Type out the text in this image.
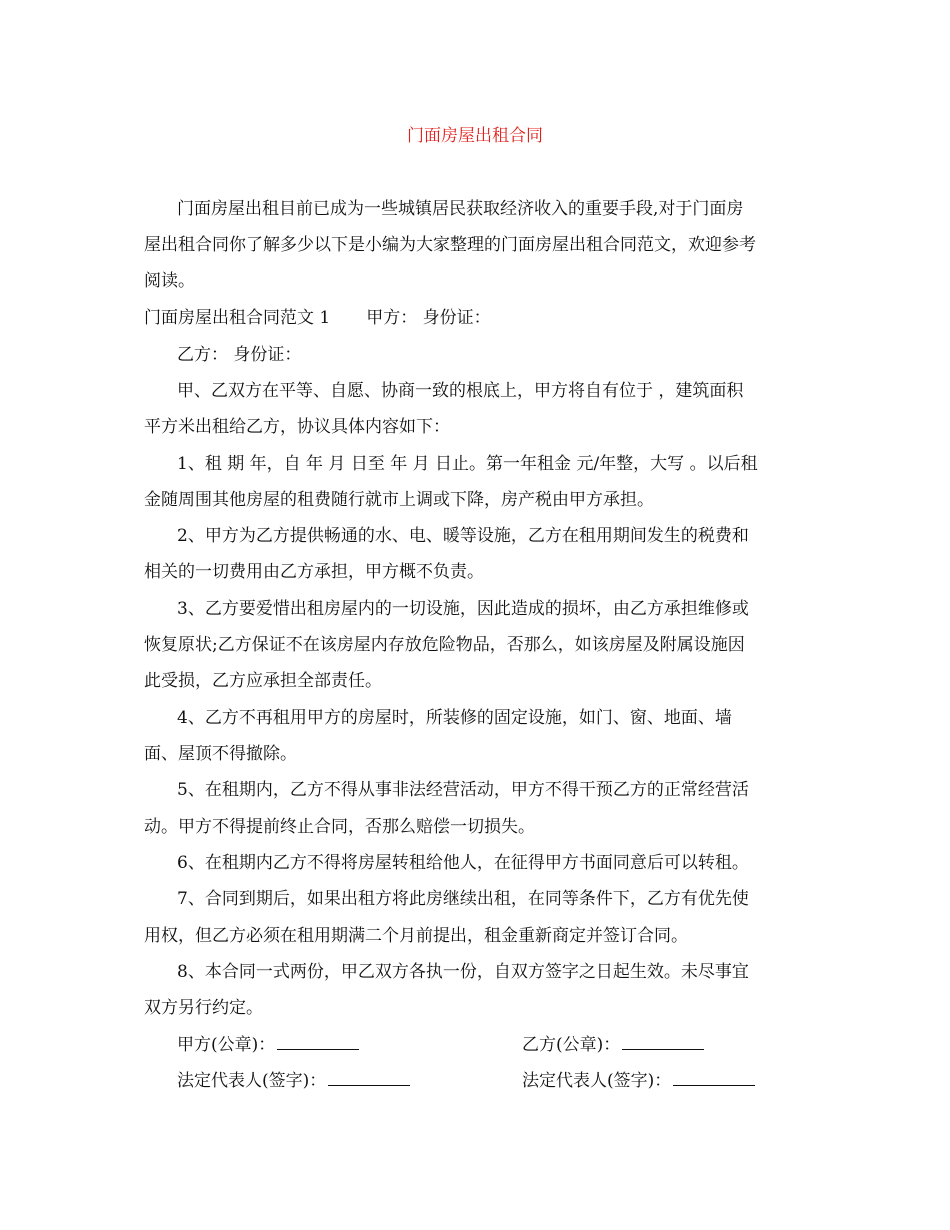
门面房屋出租合同
门面房屋出租目前已成为一些城镇居民获取经济收入的重要手段,对于门面房
屋出租合同你了解多少以下是小编为大家整理的门面房屋出租合同范文，欢迎参考
阅读。
门面房屋出租合同范文 1 甲方： 身份证：
乙方： 身份证：
甲、乙双方在平等、自愿、协商一致的根底上，甲方将自有位于 ，建筑面积
平方米出租给乙方，协议具体内容如下：
1、租 期 年，自 年 月 日至 年 月 日止。第一年租金 元/年整，大写 。以后租
金随周围其他房屋的租费随行就市上调或下降，房产税由甲方承担。
2、甲方为乙方提供畅通的水、电、暖等设施，乙方在租用期间发生的税费和
相关的一切费用由乙方承担，甲方概不负责。
3、乙方要爱惜出租房屋内的一切设施，因此造成的损坏，由乙方承担维修或
恢复原状;乙方保证不在该房屋内存放危险物品，否那么，如该房屋及附属设施因
此受损，乙方应承担全部责任。
4、乙方不再租用甲方的房屋时，所装修的固定设施，如门、窗、地面、墙
面、屋顶不得撤除。
5、在租期内，乙方不得从事非法经营活动，甲方不得干预乙方的正常经营活
动。甲方不得提前终止合同，否那么赔偿一切损失。
6、在租期内乙方不得将房屋转租给他人，在征得甲方书面同意后可以转租。
7、合同到期后，如果出租方将此房继续出租，在同等条件下，乙方有优先使
用权，但乙方必须在租用期满二个月前提出，租金重新商定并签订合同。
8、本合同一式两份，甲乙双方各执一份，自双方签字之日起生效。未尽事宜
双方另行约定。
甲方(公章)：	乙方(公章)：
法定代表人(签字)：	法定代表人(签字)：
